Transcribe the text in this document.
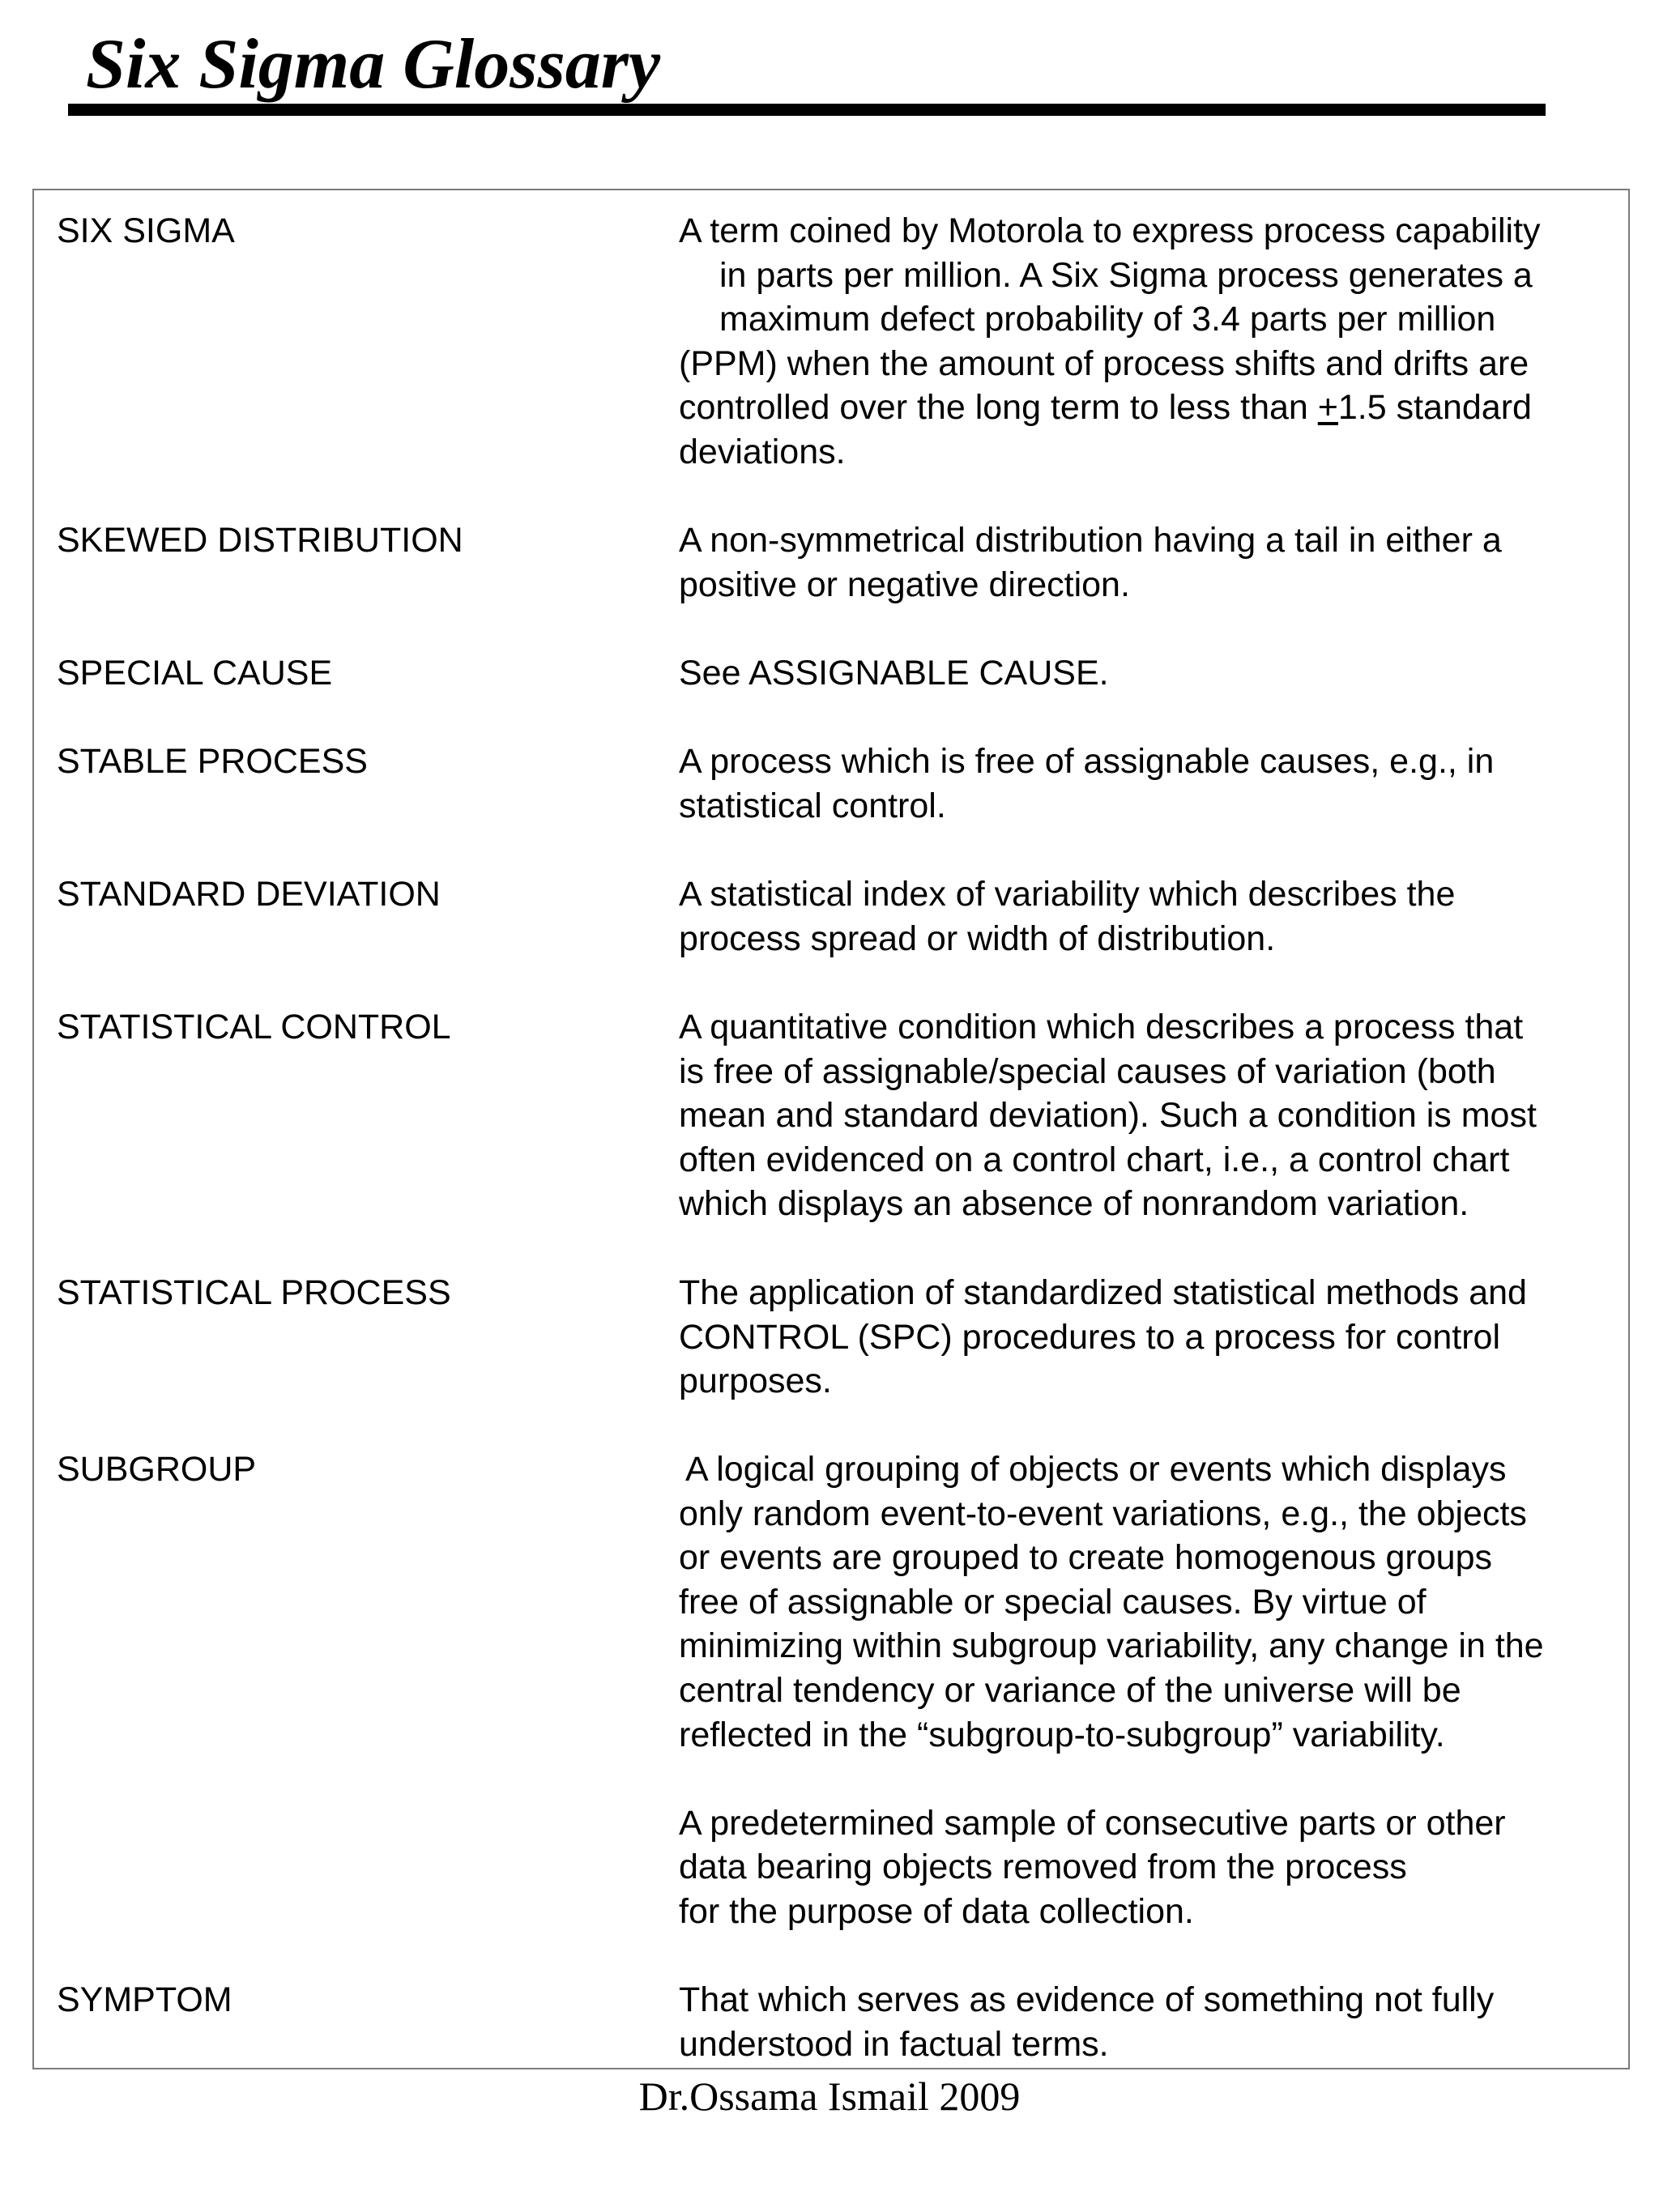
Six Sigma Glossary
SIX SIGMA	A term coined by Motorola to express process capability
in parts per million. A Six Sigma process generates a
maximum defect probability of 3.4 parts per million
(PPM) when the amount of process shifts and drifts are
controlled over the long term to less than +1.5 standard
deviations.
SKEWED DISTRIBUTION	A non-symmetrical distribution having a tail in either a
positive or negative direction.
SPECIAL CAUSE	See ASSIGNABLE CAUSE.
STABLE PROCESS	A process which is free of assignable causes, e.g., in
statistical control.
STANDARD DEVIATION	A statistical index of variability which describes the
process spread or width of distribution.
STATISTICAL CONTROL	A quantitative condition which describes a process that
is free of assignable/special causes of variation (both
mean and standard deviation). Such a condition is most
often evidenced on a control chart, i.e., a control chart
which displays an absence of nonrandom variation.
STATISTICAL PROCESS	The application of standardized statistical methods and
CONTROL (SPC) procedures to a process for control
purposes.
SUBGROUP	A logical grouping of objects or events which displays
only random event-to-event variations, e.g., the objects
or events are grouped to create homogenous groups
free of assignable or special causes. By virtue of
minimizing within subgroup variability, any change in the
central tendency or variance of the universe will be
reflected in the “subgroup-to-subgroup” variability.
A predetermined sample of consecutive parts or other
data bearing objects removed from the process
for the purpose of data collection.
SYMPTOM	That which serves as evidence of something not fully
understood in factual terms.
Dr.Ossama Ismail 2009
